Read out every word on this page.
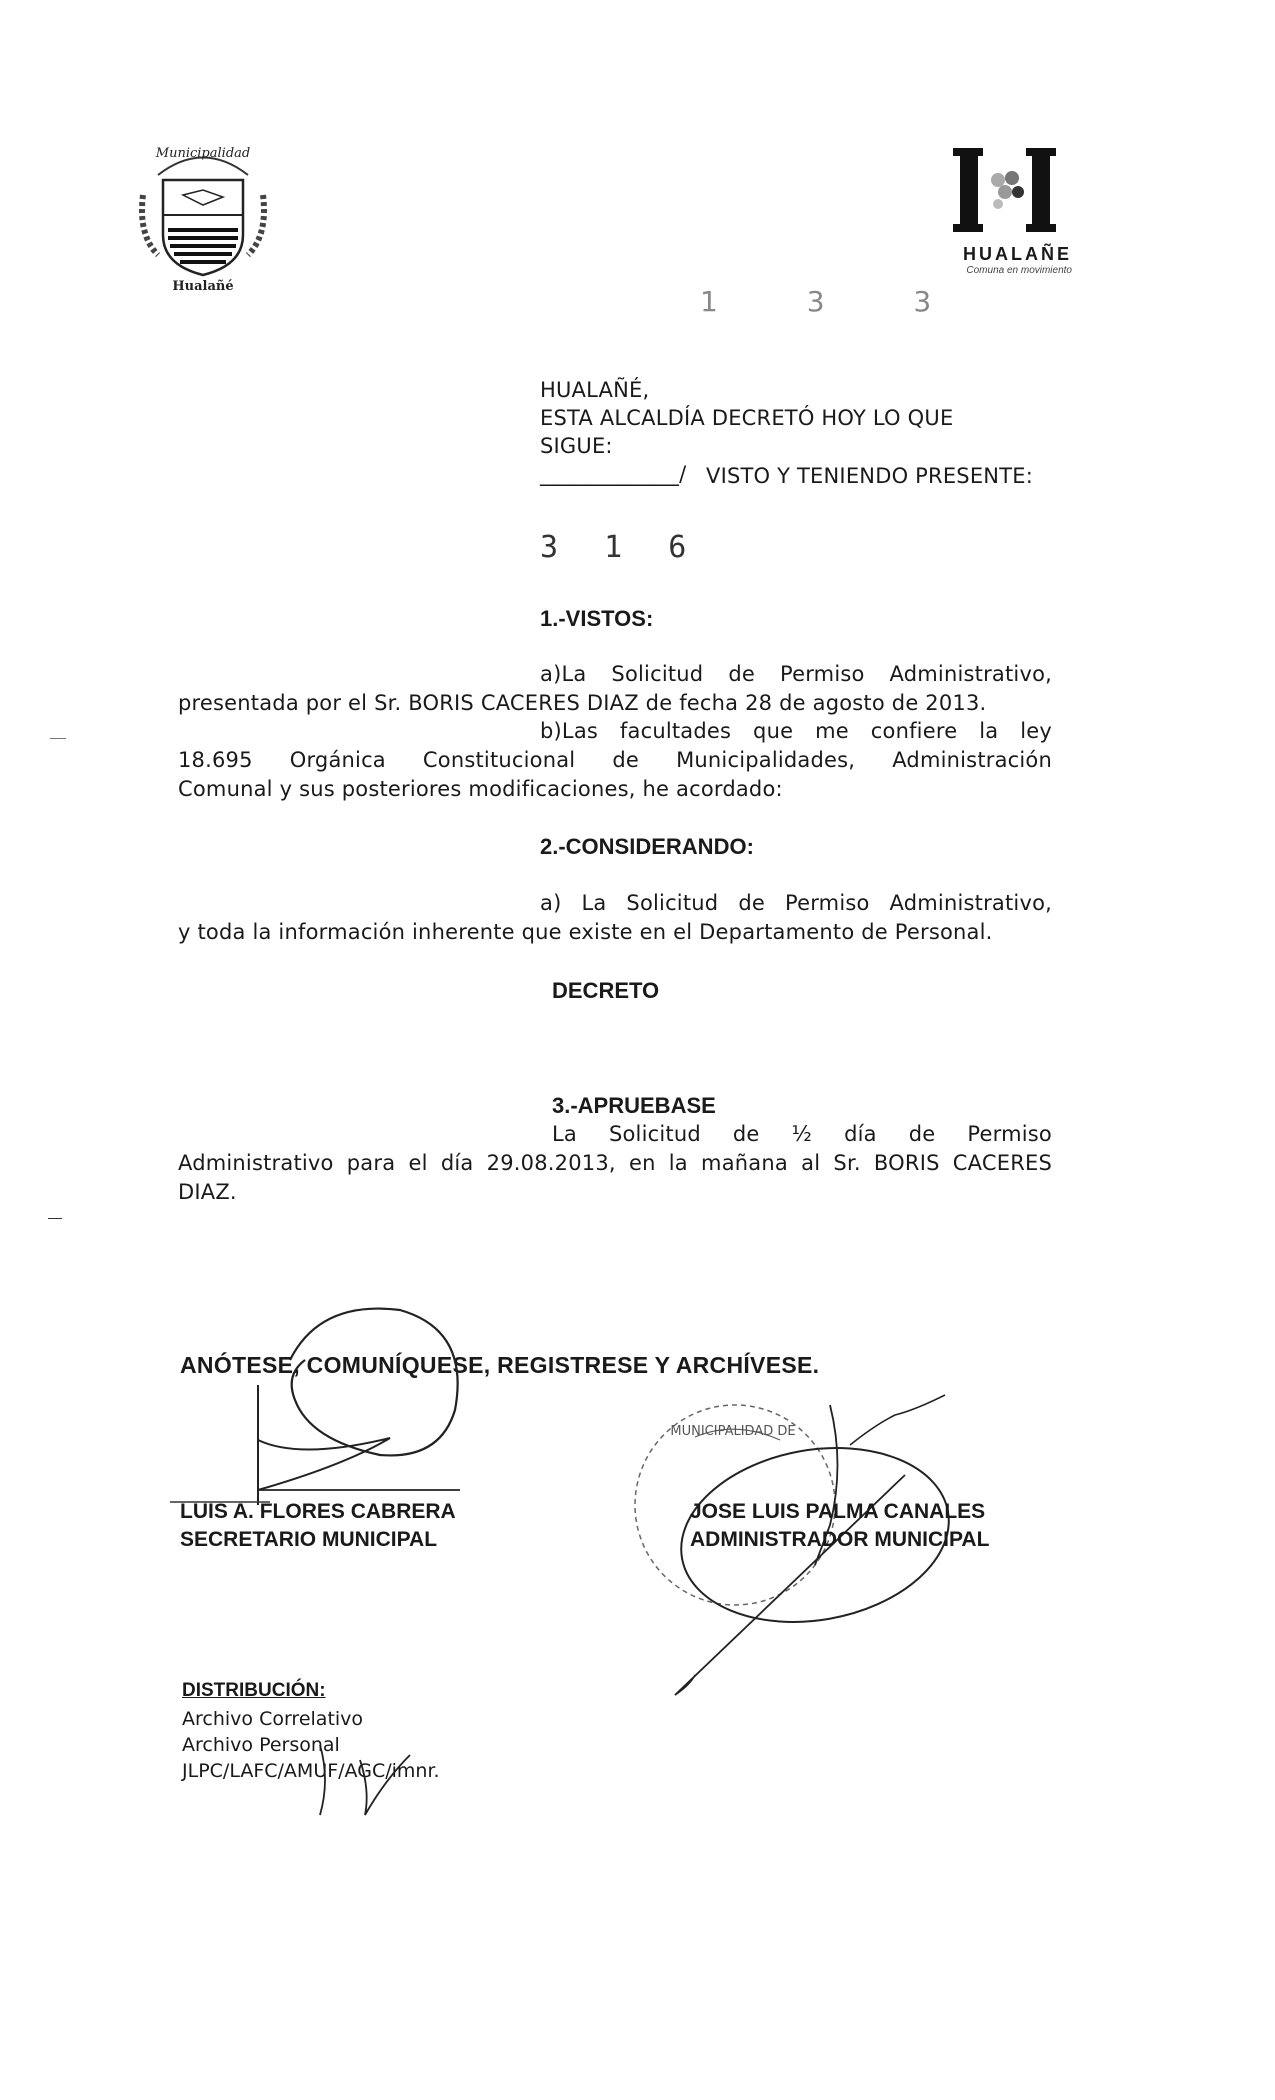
Municipalidad
Hualañé
HUALAÑE
Comuna en movimiento
1 3 3
HUALAÑÉ,
ESTA ALCALDÍA DECRETÓ HOY LO QUE
SIGUE:
_____________/ VISTO Y TENIENDO PRESENTE:
3 1 6
1.-VISTOS:
a)La Solicitud de Permiso Administrativo,
presentada por el Sr. BORIS CACERES DIAZ de fecha 28 de agosto de 2013.
b)Las facultades que me confiere la ley
18.695 Orgánica Constitucional de Municipalidades, Administración
Comunal y sus posteriores modificaciones, he acordado:
2.-CONSIDERANDO:
a) La Solicitud de Permiso Administrativo,
y toda la información inherente que existe en el Departamento de Personal.
DECRETO
3.-APRUEBASE
La Solicitud de ½ día de Permiso
Administrativo para el día 29.08.2013, en la mañana al Sr. BORIS CACERES
DIAZ.
ANÓTESE, COMUNÍQUESE, REGISTRESE Y ARCHÍVESE.
LUIS A. FLORES CABRERA
SECRETARIO MUNICIPAL
MUNICIPALIDAD DE
JOSE LUIS PALMA CANALES
ADMINISTRADOR MUNICIPAL
DISTRIBUCIÓN:
Archivo Correlativo
Archivo Personal
JLPC/LAFC/AMUF/AGC/imnr.
